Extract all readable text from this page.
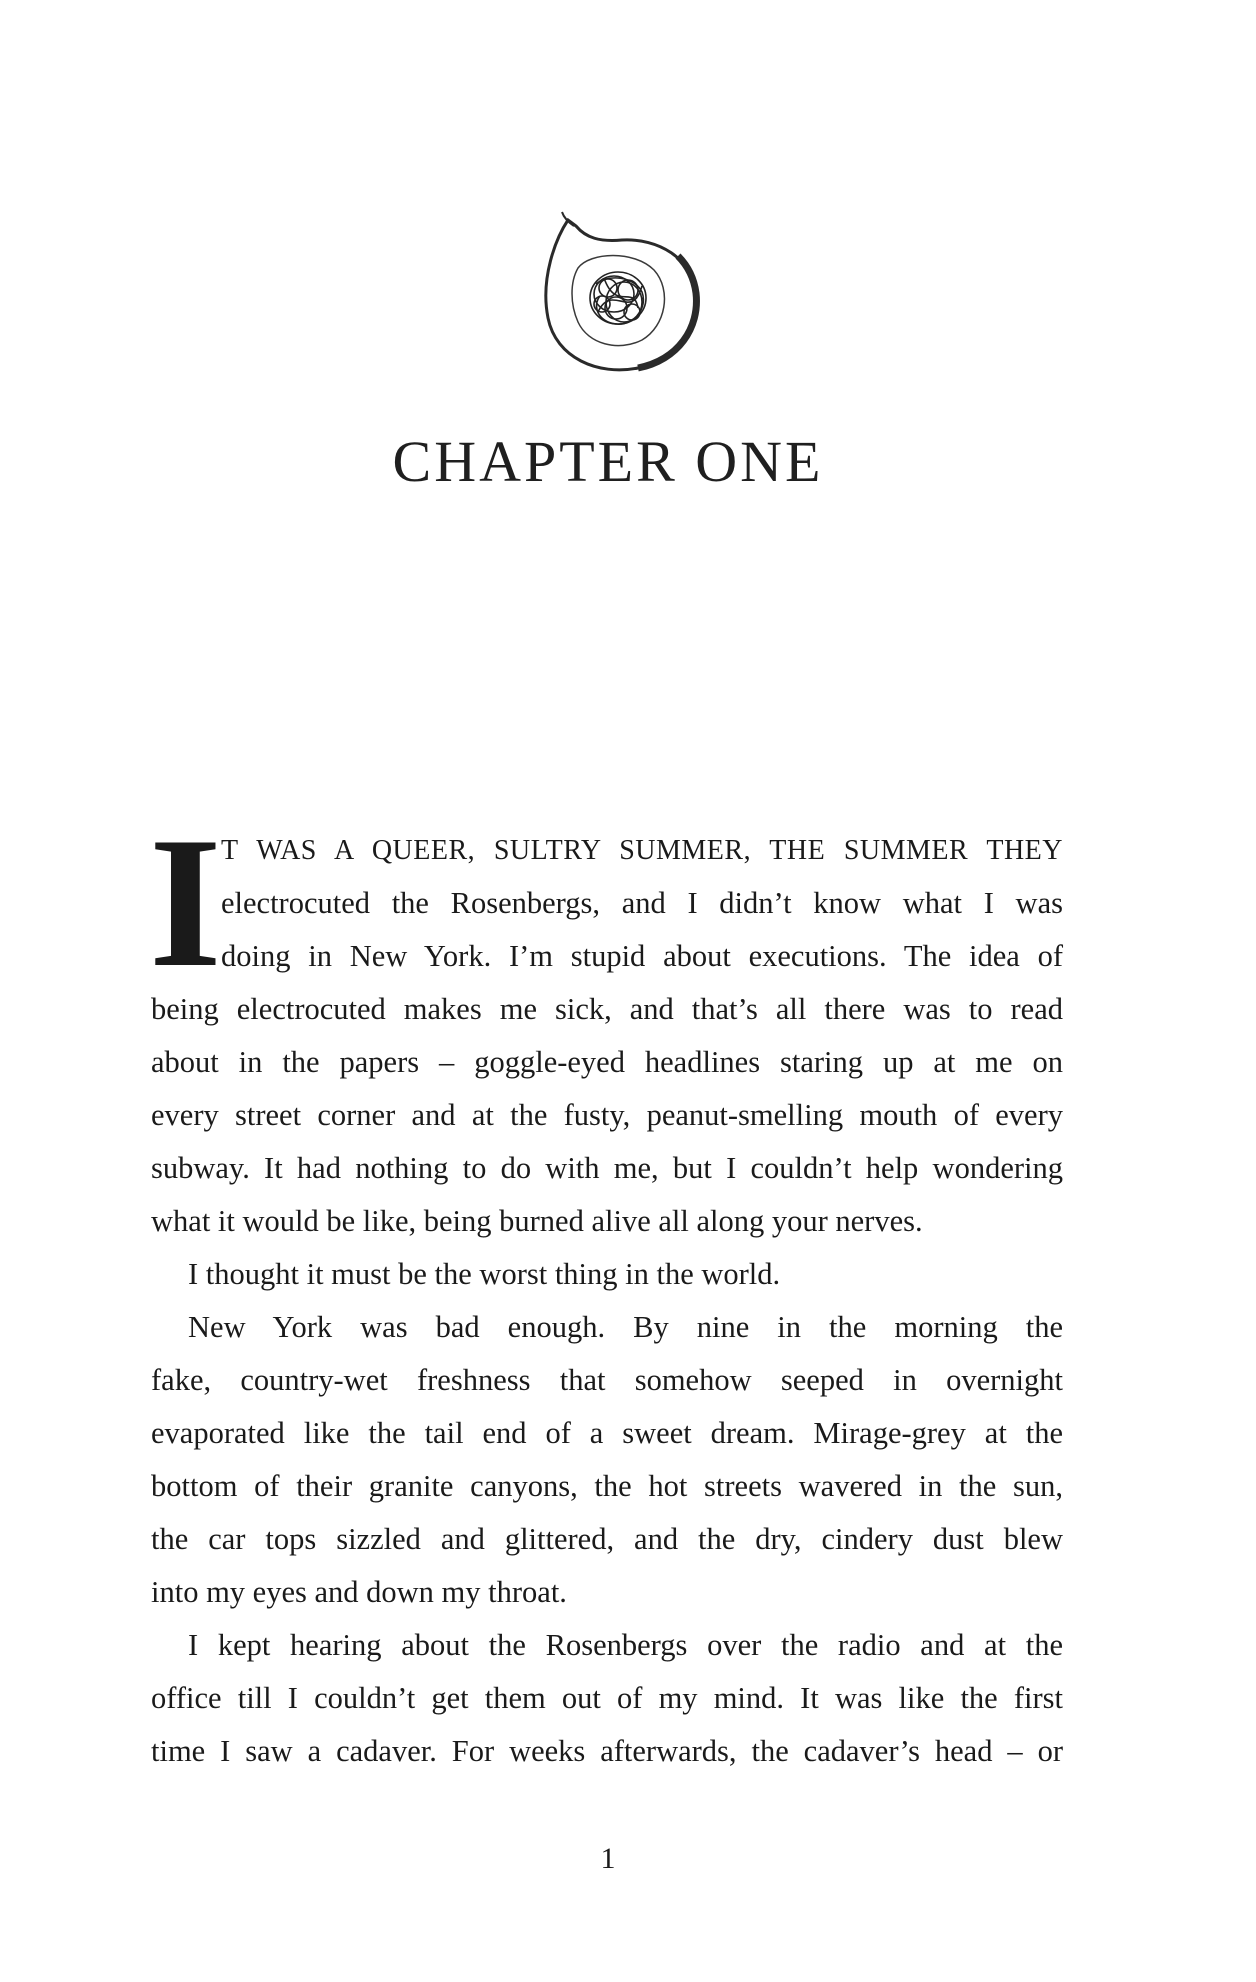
CHAPTER ONE
I T WAS A QUEER, SULTRY SUMMER, THE SUMMER THEY

electrocuted the Rosenbergs, and I didn’t know what I was

doing in New York. I’m stupid about executions. The idea of

being electrocuted makes me sick, and that’s all there was to read

about in the papers – goggle-eyed headlines staring up at me on

every street corner and at the fusty, peanut-smelling mouth of every

subway. It had nothing to do with me, but I couldn’t help wondering

what it would be like, being burned alive all along your nerves.

I thought it must be the worst thing in the world.

New York was bad enough. By nine in the morning the

fake, country-wet freshness that somehow seeped in overnight

evaporated like the tail end of a sweet dream. Mirage-grey at the

bottom of their granite canyons, the hot streets wavered in the sun,

the car tops sizzled and glittered, and the dry, cindery dust blew

into my eyes and down my throat.

I kept hearing about the Rosenbergs over the radio and at the

office till I couldn’t get them out of my mind. It was like the first

time I saw a cadaver. For weeks afterwards, the cadaver’s head – or

1
